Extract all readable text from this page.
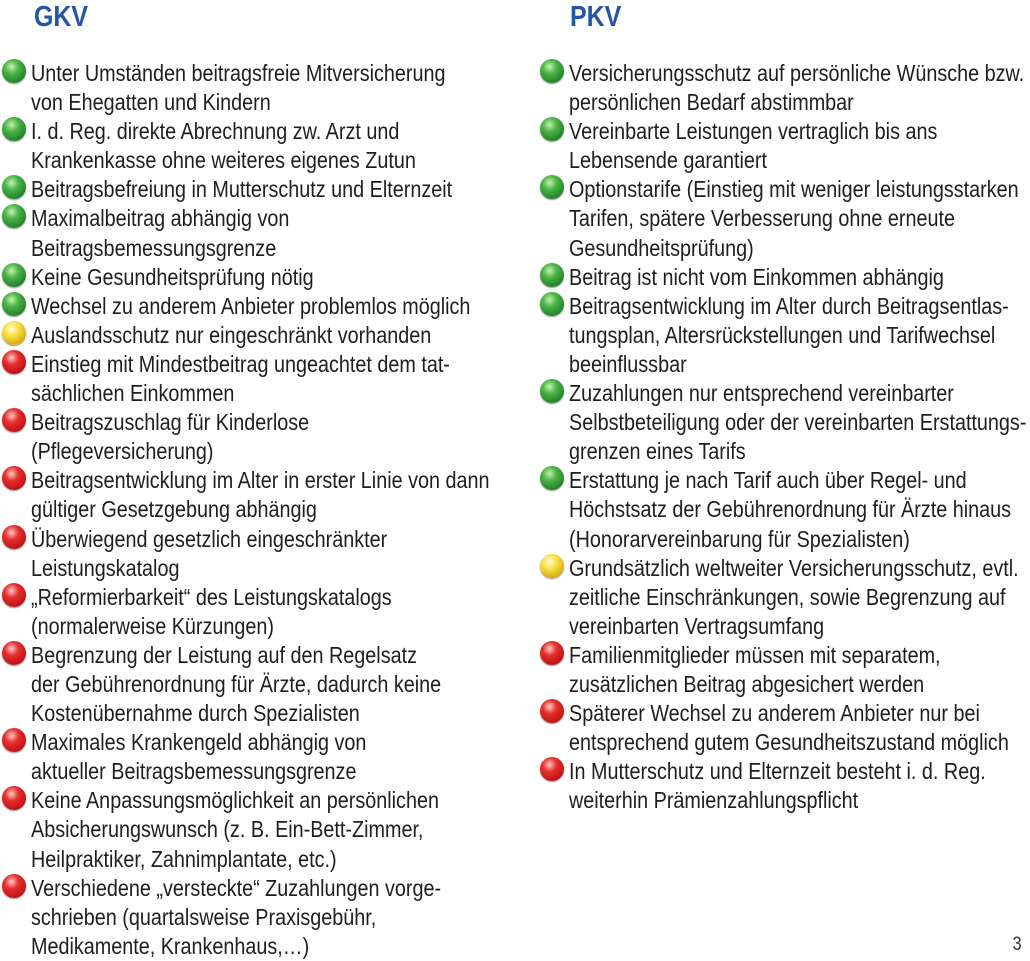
GKV
Unter Umständen beitragsfreie Mitversicherung
von Ehegatten und Kindern
I. d. Reg. direkte Abrechnung zw. Arzt und
Krankenkasse ohne weiteres eigenes Zutun
Beitragsbefreiung in Mutterschutz und Elternzeit
Maximalbeitrag abhängig von
Beitragsbemessungsgrenze
Keine Gesundheitsprüfung nötig
Wechsel zu anderem Anbieter problemlos möglich
Auslandsschutz nur eingeschränkt vorhanden
Einstieg mit Mindestbeitrag ungeachtet dem tat-
sächlichen Einkommen
Beitragszuschlag für Kinderlose
(Pflegeversicherung)
Beitragsentwicklung im Alter in erster Linie von dann
gültiger Gesetzgebung abhängig
Überwiegend gesetzlich eingeschränkter
Leistungskatalog
„Reformierbarkeit“ des Leistungskatalogs
(normalerweise Kürzungen)
Begrenzung der Leistung auf den Regelsatz
der Gebührenordnung für Ärzte, dadurch keine
Kostenübernahme durch Spezialisten
Maximales Krankengeld abhängig von
aktueller Beitragsbemessungsgrenze
Keine Anpassungsmöglichkeit an persönlichen
Absicherungswunsch (z. B. Ein-Bett-Zimmer,
Heilpraktiker, Zahnimplantate, etc.)
Verschiedene „versteckte“ Zuzahlungen vorge-
schrieben (quartalsweise Praxisgebühr,
Medikamente, Krankenhaus,…)
PKV
Versicherungsschutz auf persönliche Wünsche bzw.
persönlichen Bedarf abstimmbar
Vereinbarte Leistungen vertraglich bis ans
Lebensende garantiert
Optionstarife (Einstieg mit weniger leistungsstarken
Tarifen, spätere Verbesserung ohne erneute
Gesundheitsprüfung)
Beitrag ist nicht vom Einkommen abhängig
Beitragsentwicklung im Alter durch Beitragsentlas-
tungsplan, Altersrückstellungen und Tarifwechsel
beeinflussbar
Zuzahlungen nur entsprechend vereinbarter
Selbstbeteiligung oder der vereinbarten Erstattungs-
grenzen eines Tarifs
Erstattung je nach Tarif auch über Regel- und
Höchstsatz der Gebührenordnung für Ärzte hinaus
(Honorarvereinbarung für Spezialisten)
Grundsätzlich weltweiter Versicherungsschutz, evtl.
zeitliche Einschränkungen, sowie Begrenzung auf
vereinbarten Vertragsumfang
Familienmitglieder müssen mit separatem,
zusätzlichen Beitrag abgesichert werden
Späterer Wechsel zu anderem Anbieter nur bei
entsprechend gutem Gesundheitszustand möglich
In Mutterschutz und Elternzeit besteht i. d. Reg.
weiterhin Prämienzahlungspflicht
3
